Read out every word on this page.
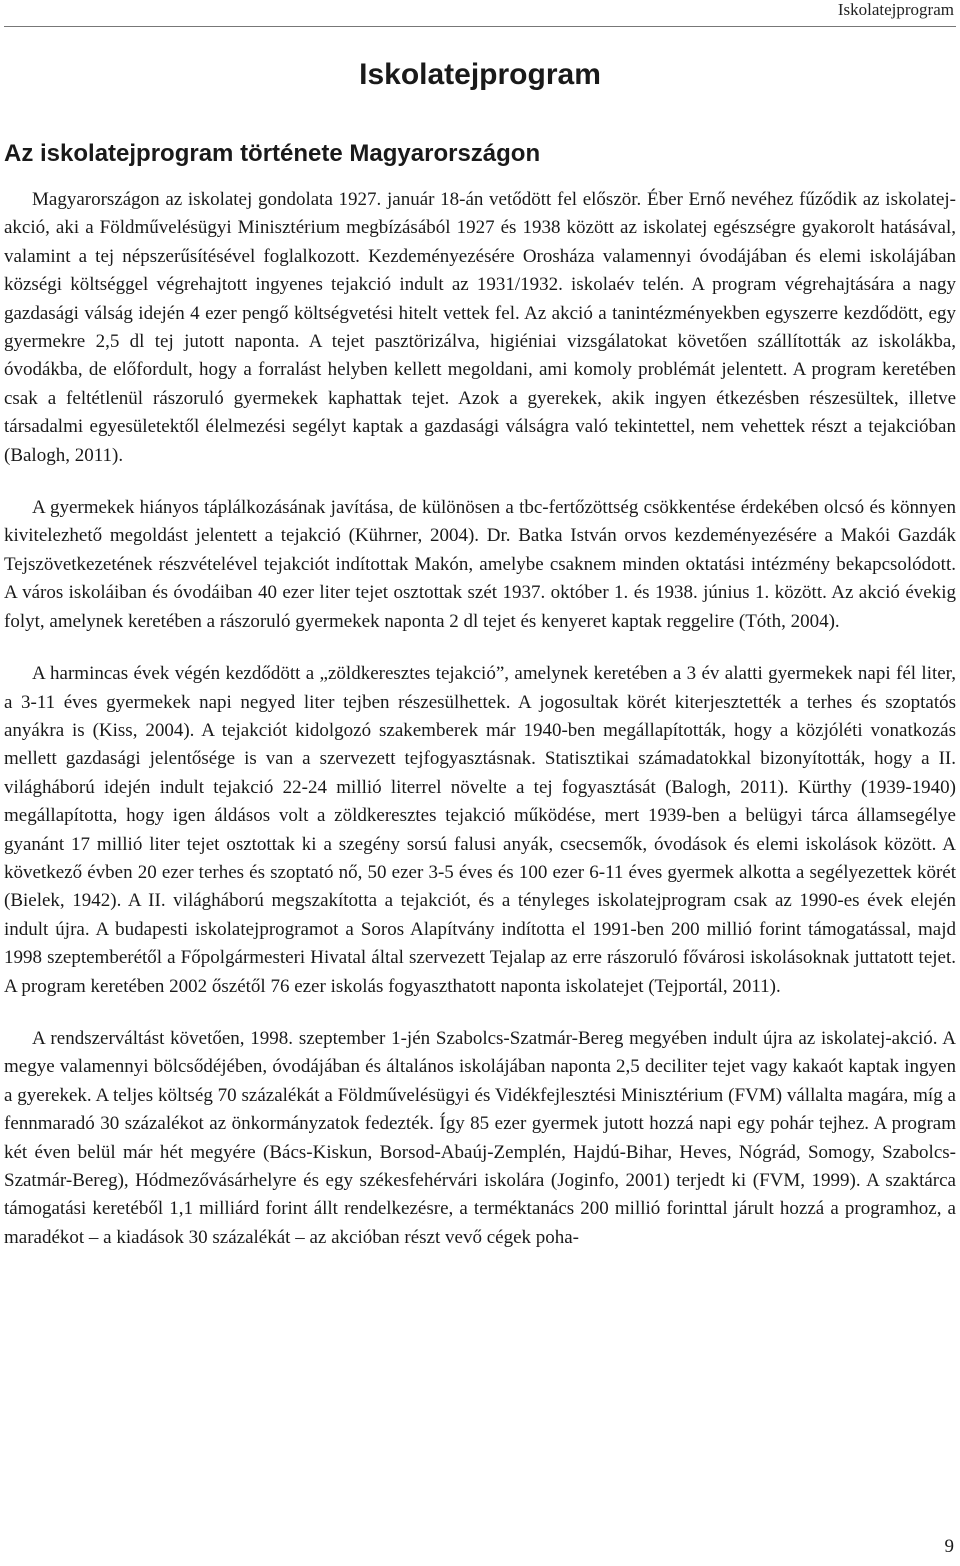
Iskolatejprogram
Iskolatejprogram
Az iskolatejprogram története Magyarországon

Magyarországon az iskolatej gondolata 1927. január 18-án vetődött fel először. Éber Ernő nevéhez fűződik az iskolatej-akció, aki a Földművelésügyi Minisztérium megbízásából 1927 és 1938 között az iskolatej egészségre gyakorolt hatásával, valamint a tej népszerűsítésével foglalkozott. Kezdeményezésére Orosháza valamennyi óvodájában és elemi iskolájában községi költséggel végrehajtott ingyenes tejakció indult az 1931/1932. iskolaév telén. A program végrehajtására a nagy gazdasági válság idején 4 ezer pengő költségvetési hitelt vettek fel. Az akció a tanintézményekben egyszerre kezdődött, egy gyermekre 2,5 dl tej jutott naponta. A tejet pasztörizálva, higiéniai vizsgálatokat követően szállították az iskolákba, óvodákba, de előfordult, hogy a forralást helyben kellett megoldani, ami komoly problémát jelentett. A program keretében csak a feltétlenül rászoruló gyermekek kaphattak tejet. Azok a gyerekek, akik ingyen étkezésben részesültek, illetve társadalmi egyesületektől élelmezési segélyt kaptak a gazdasági válságra való tekintettel, nem vehettek részt a tejakcióban (Balogh, 2011).

A gyermekek hiányos táplálkozásának javítása, de különösen a tbc-fertőzöttség csökkentése érdekében olcsó és könnyen kivitelezhető megoldást jelentett a tejakció (Kührner, 2004). Dr. Batka István orvos kezdeményezésére a Makói Gazdák Tejszövetkezetének részvételével tejakciót indítottak Makón, amelybe csaknem minden oktatási intézmény bekapcsolódott. A város iskoláiban és óvodáiban 40 ezer liter tejet osztottak szét 1937. október 1. és 1938. június 1. között. Az akció évekig folyt, amelynek keretében a rászoruló gyermekek naponta 2 dl tejet és kenyeret kaptak reggelire (Tóth, 2004).

A harmincas évek végén kezdődött a „zöldkeresztes tejakció”, amelynek keretében a 3 év alatti gyermekek napi fél liter, a 3-11 éves gyermekek napi negyed liter tejben részesülhettek. A jogosultak körét kiterjesztették a terhes és szoptatós anyákra is (Kiss, 2004). A tejakciót kidolgozó szakemberek már 1940-ben megállapították, hogy a közjóléti vonatkozás mellett gazdasági jelentősége is van a szervezett tejfogyasztásnak. Statisztikai számadatokkal bizonyították, hogy a II. világháború idején indult tejakció 22-24 millió literrel növelte a tej fogyasztását (Balogh, 2011). Kürthy (1939-1940) megállapította, hogy igen áldásos volt a zöldkeresztes tejakció működése, mert 1939-ben a belügyi tárca államsegélye gyanánt 17 millió liter tejet osztottak ki a szegény sorsú falusi anyák, csecsemők, óvodások és elemi iskolások között. A következő évben 20 ezer terhes és szoptató nő, 50 ezer 3-5 éves és 100 ezer 6-11 éves gyermek alkotta a segélyezettek körét (Bielek, 1942). A II. világháború megszakította a tejakciót, és a tényleges iskolatejprogram csak az 1990-es évek elején indult újra. A budapesti iskolatejprogramot a Soros Alapítvány indította el 1991-ben 200 millió forint támogatással, majd 1998 szeptemberétől a Főpolgármesteri Hivatal által szervezett Tejalap az erre rászoruló fővárosi iskolásoknak juttatott tejet. A program keretében 2002 őszétől 76 ezer iskolás fogyaszthatott naponta iskolatejet (Tejportál, 2011).

A rendszerváltást követően, 1998. szeptember 1-jén Szabolcs-Szatmár-Bereg megyében indult újra az iskolatej-akció. A megye valamennyi bölcsődéjében, óvodájában és általános iskolájában naponta 2,5 deciliter tejet vagy kakaót kaptak ingyen a gyerekek. A teljes költség 70 százalékát a Földművelésügyi és Vidékfejlesztési Minisztérium (FVM) vállalta magára, míg a fennmaradó 30 százalékot az önkormányzatok fedezték. Így 85 ezer gyermek jutott hozzá napi egy pohár tejhez. A program két éven belül már hét megyére (Bács-Kiskun, Borsod-Abaúj-Zemplén, Hajdú-Bihar, Heves, Nógrád, Somogy, Szabolcs-Szatmár-Bereg), Hódmezővásárhelyre és egy székesfehérvári iskolára (Joginfo, 2001) terjedt ki (FVM, 1999). A szaktárca támogatási keretéből 1,1 milliárd forint állt rendelkezésre, a terméktanács 200 millió forinttal járult hozzá a programhoz, a maradékot – a kiadások 30 százalékát – az akcióban részt vevő cégek poha-

9
